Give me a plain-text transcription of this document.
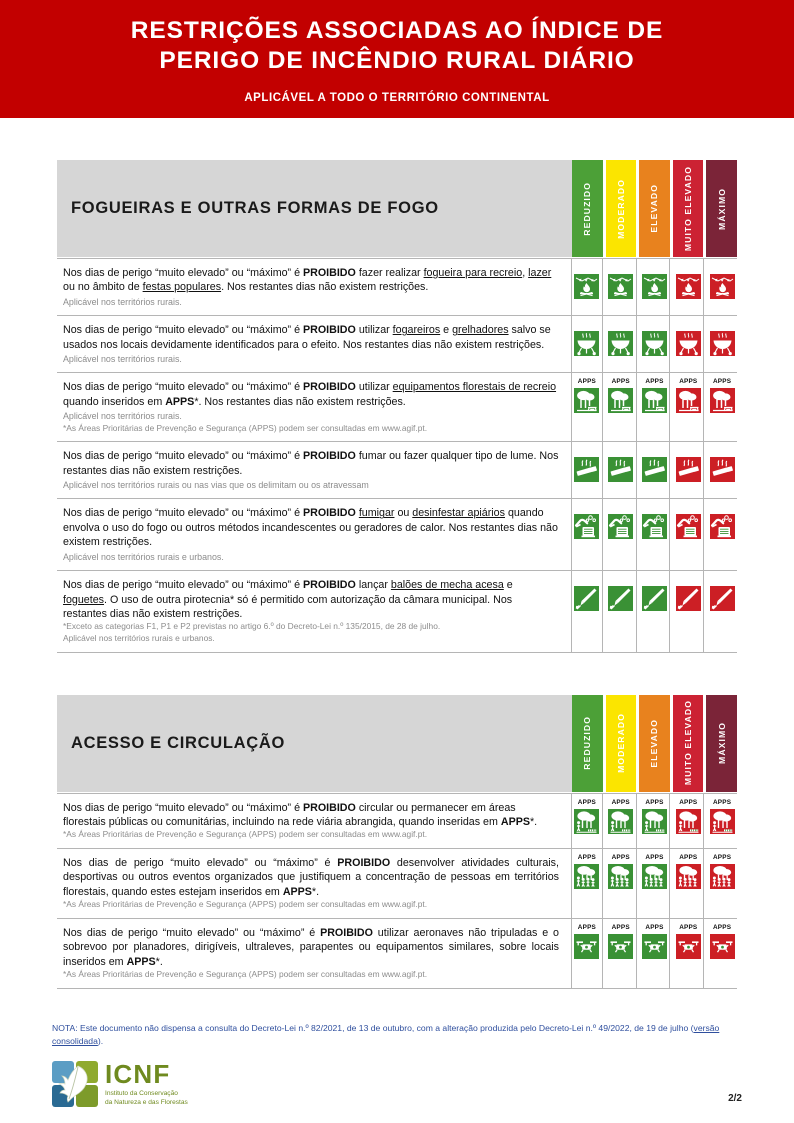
RESTRIÇÕES ASSOCIADAS AO ÍNDICE DE
PERIGO DE INCÊNDIO RURAL DIÁRIO
APLICÁVEL A TODO O TERRITÓRIO CONTINENTAL
FOGUEIRAS E OUTRAS FORMAS DE FOGO	REDUZIDO	MODERADO	ELEVADO	MUITO ELEVADO	MÁXIMO
Nos dias de perigo “muito elevado” ou “máximo” é PROIBIDO fazer realizar fogueira para recreio, lazer ou no âmbito de festas populares. Nos restantes dias não existem restrições.
Aplicável nos territórios rurais.
Nos dias de perigo “muito elevado” ou “máximo” é PROIBIDO utilizar fogareiros e grelhadores salvo se usados nos locais devidamente identificados para o efeito. Nos restantes dias não existem restrições.
Aplicável nos territórios rurais.
Nos dias de perigo “muito elevado” ou “máximo” é PROIBIDO utilizar equipamentos florestais de recreio quando inseridos em APPS*. Nos restantes dias não existem restrições.
Aplicável nos territórios rurais.
*As Áreas Prioritárias de Prevenção e Segurança (APPS) podem ser consultadas em www.agif.pt.
APPS APPS APPS APPS APPS
Nos dias de perigo “muito elevado” ou “máximo” é PROIBIDO fumar ou fazer qualquer tipo de lume. Nos restantes dias não existem restrições.
Aplicável nos territórios rurais ou nas vias que os delimitam ou os atravessam
Nos dias de perigo “muito elevado” ou “máximo” é PROIBIDO fumigar ou desinfestar apiários quando envolva o uso do fogo ou outros métodos incandescentes ou geradores de calor. Nos restantes dias não existem restrições.
Aplicável nos territórios rurais e urbanos.
Nos dias de perigo “muito elevado” ou “máximo” é PROIBIDO lançar balões de mecha acesa e foguetes. O uso de outra pirotecnia* só é permitido com autorização da câmara municipal. Nos restantes dias não existem restrições.
*Exceto as categorias F1, P1 e P2 previstas no artigo 6.º do Decreto-Lei n.º 135/2015, de 28 de julho.
Aplicável nos territórios rurais e urbanos.
ACESSO E CIRCULAÇÃO	REDUZIDO	MODERADO	ELEVADO	MUITO ELEVADO	MÁXIMO
Nos dias de perigo “muito elevado” ou “máximo” é PROIBIDO circular ou permanecer em áreas florestais públicas ou comunitárias, incluindo na rede viária abrangida, quando inseridas em APPS*.
*As Áreas Prioritárias de Prevenção e Segurança (APPS) podem ser consultadas em www.agif.pt.
APPS APPS APPS APPS APPS
Nos dias de perigo “muito elevado” ou “máximo” é PROIBIDO desenvolver atividades culturais, desportivas ou outros eventos organizados que justifiquem a concentração de pessoas em territórios florestais, quando estes estejam inseridos em APPS*.
*As Áreas Prioritárias de Prevenção e Segurança (APPS) podem ser consultadas em www.agif.pt.
APPS APPS APPS APPS APPS
Nos dias de perigo “muito elevado” ou “máximo” é PROIBIDO utilizar aeronaves não tripuladas e o sobrevoo por planadores, dirigíveis, ultraleves, parapentes ou equipamentos similares, sobre locais inseridos em APPS*.
*As Áreas Prioritárias de Prevenção e Segurança (APPS) podem ser consultadas em www.agif.pt.
APPS APPS APPS APPS APPS
NOTA: Este documento não dispensa a consulta do Decreto-Lei n.º 82/2021, de 13 de outubro, com a alteração produzida pelo Decreto-Lei n.º 49/2022, de 19 de julho (versão consolidada).
ICNF
Instituto da Conservação
da Natureza e das Florestas	2/2
